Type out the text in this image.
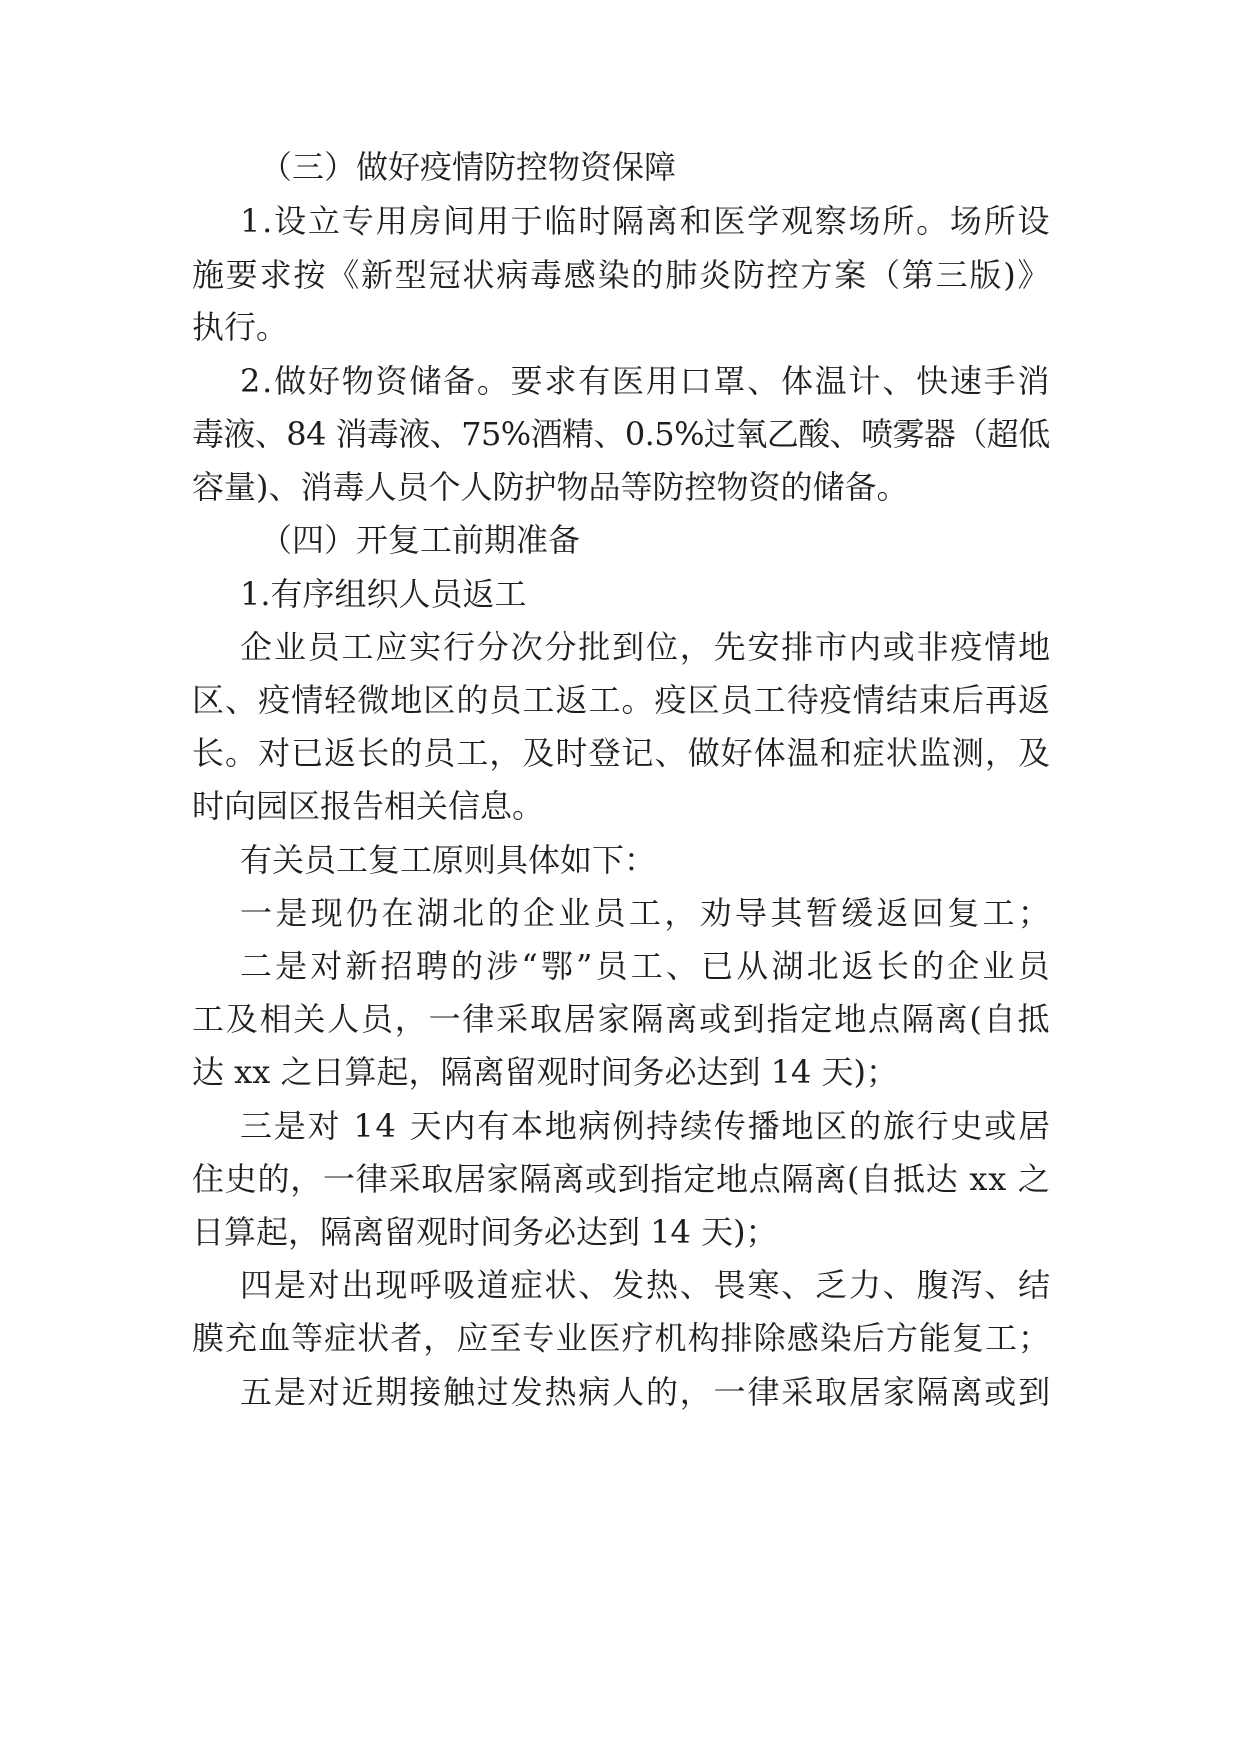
（三）做好疫情防控物资保障
1.设立专用房间用于临时隔离和医学观察场所。场所设
施要求按《新型冠状病毒感染的肺炎防控方案（第三版)》
执行。
2.做好物资储备。要求有医用口罩、体温计、快速手消
毒液、84 消毒液、75%酒精、0.5%过氧乙酸、喷雾器（超低
容量)、消毒人员个人防护物品等防控物资的储备。
（四）开复工前期准备
1.有序组织人员返工
企业员工应实行分次分批到位，先安排市内或非疫情地
区、疫情轻微地区的员工返工。疫区员工待疫情结束后再返
长。对已返长的员工，及时登记、做好体温和症状监测，及
时向园区报告相关信息。
有关员工复工原则具体如下：
一是现仍在湖北的企业员工，劝导其暂缓返回复工；
二是对新招聘的涉“鄂”员工、已从湖北返长的企业员
工及相关人员，一律采取居家隔离或到指定地点隔离(自抵
达 xx 之日算起，隔离留观时间务必达到 14 天)；
三是对 14 天内有本地病例持续传播地区的旅行史或居
住史的，一律采取居家隔离或到指定地点隔离(自抵达 xx 之
日算起，隔离留观时间务必达到 14 天)；
四是对出现呼吸道症状、发热、畏寒、乏力、腹泻、结
膜充血等症状者，应至专业医疗机构排除感染后方能复工；
五是对近期接触过发热病人的，一律采取居家隔离或到
